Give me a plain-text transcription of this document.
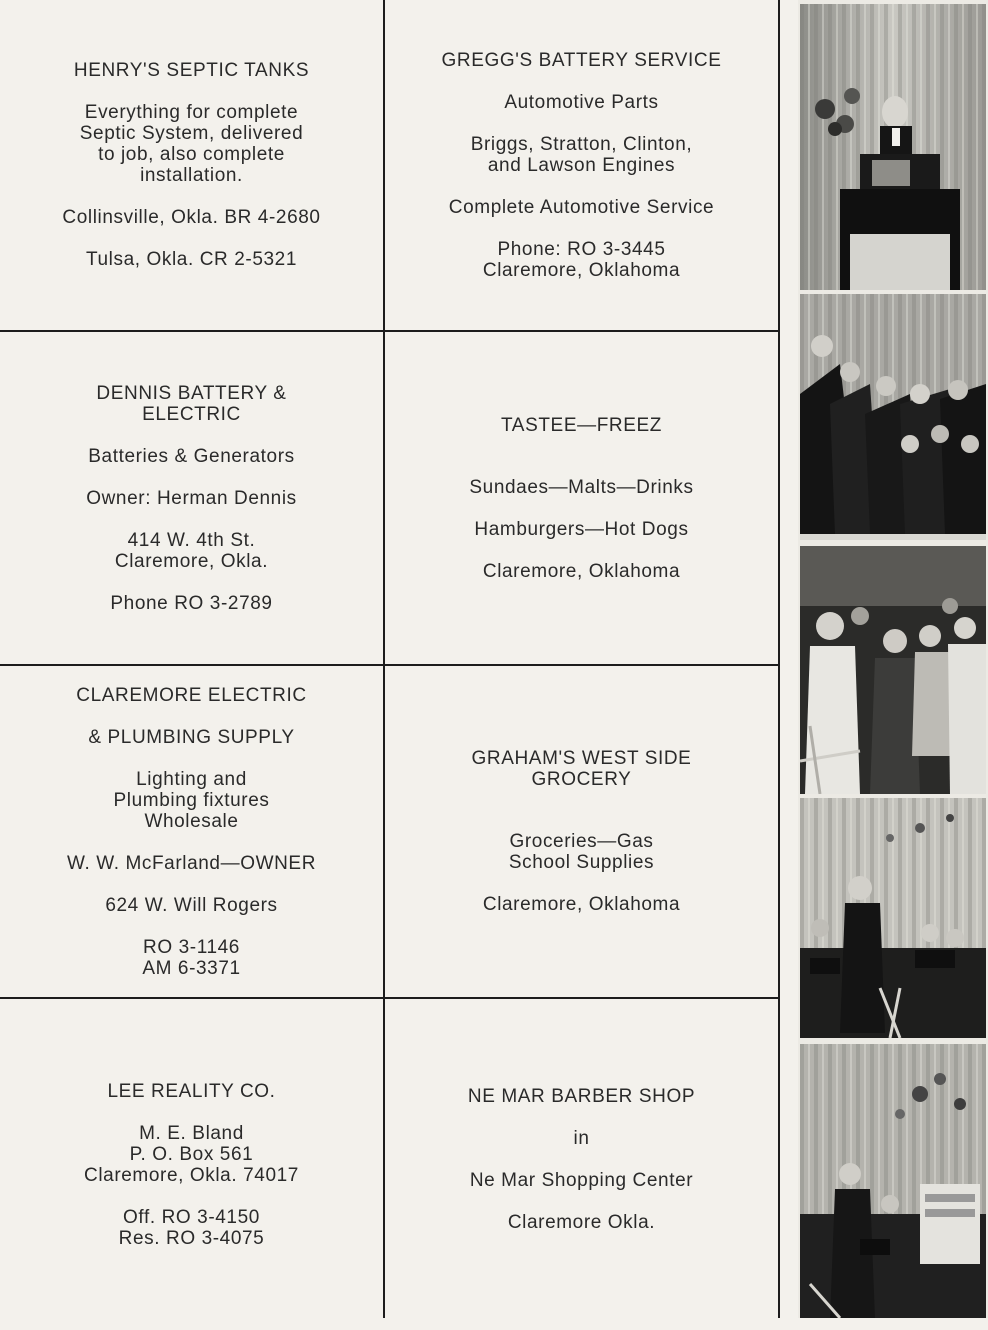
HENRY'S SEPTIC TANKS

Everything for complete
Septic System, delivered
to job, also complete
installation.

Collinsville, Okla. BR 4-2680

Tulsa, Okla. CR 2-5321

GREGG'S BATTERY SERVICE

Automotive Parts

Briggs, Stratton, Clinton,
and Lawson Engines

Complete Automotive Service

Phone: RO 3-3445
Claremore, Oklahoma

DENNIS BATTERY &
ELECTRIC

Batteries & Generators

Owner: Herman Dennis

414 W. 4th St.
Claremore, Okla.

Phone RO 3-2789

TASTEE—FREEZ

Sundaes—Malts—Drinks

Hamburgers—Hot Dogs

Claremore, Oklahoma

CLAREMORE ELECTRIC

& PLUMBING SUPPLY

Lighting and
Plumbing fixtures
Wholesale

W. W. McFarland—OWNER

624 W. Will Rogers

RO 3-1146
AM 6-3371

GRAHAM'S WEST SIDE
GROCERY

Groceries—Gas
School Supplies

Claremore, Oklahoma

LEE REALITY CO.

M. E. Bland
P. O. Box 561
Claremore, Okla. 74017

Off. RO 3-4150
Res. RO 3-4075

NE MAR BARBER SHOP

in

Ne Mar Shopping Center

Claremore Okla.
